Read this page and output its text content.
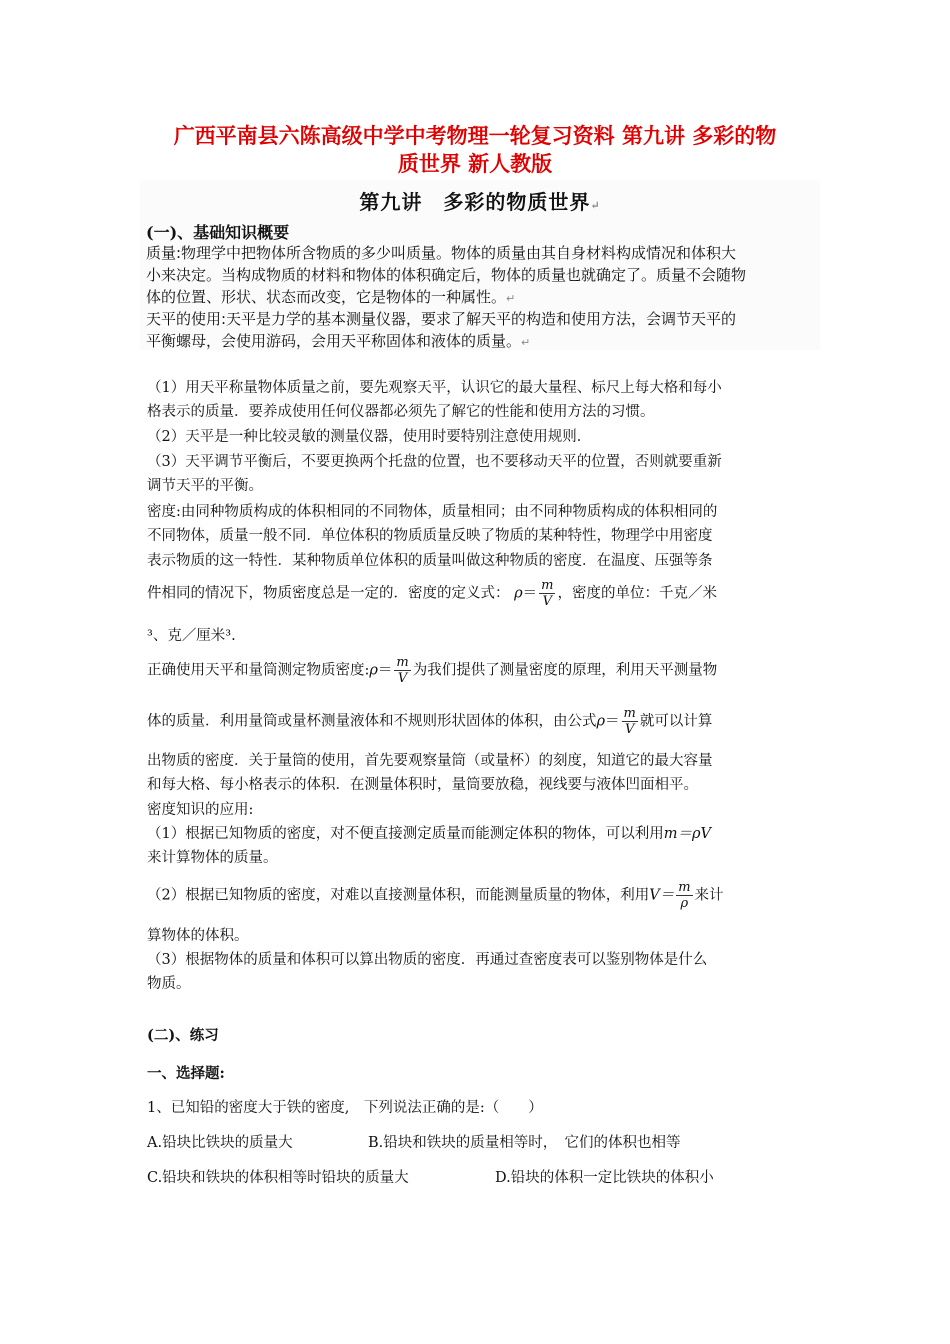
广西平南县六陈高级中学中考物理一轮复习资料 第九讲 多彩的物
质世界 新人教版
第九讲　多彩的物质世界↵
(一)、基础知识概要
质量:物理学中把物体所含物质的多少叫质量。物体的质量由其自身材料构成情况和体积大
小来决定。当构成物质的材料和物体的体积确定后，物体的质量也就确定了。质量不会随物
体的位置、形状、状态而改变，它是物体的一种属性。↵
天平的使用:天平是力学的基本测量仪器，要求了解天平的构造和使用方法，会调节天平的
平衡螺母，会使用游码，会用天平称固体和液体的质量。↵
（1）用天平称量物体质量之前，要先观察天平，认识它的最大量程、标尺上每大格和每小
格表示的质量．要养成使用任何仪器都必须先了解它的性能和使用方法的习惯。
（2）天平是一种比较灵敏的测量仪器，使用时要特别注意使用规则．
（3）天平调节平衡后，不要更换两个托盘的位置，也不要移动天平的位置，否则就要重新
调节天平的平衡。
密度:由同种物质构成的体积相同的不同物体，质量相同；由不同种物质构成的体积相同的
不同物体，质量一般不同．单位体积的物质质量反映了物质的某种特性，物理学中用密度
表示物质的这一特性．某种物质单位体积的质量叫做这种物质的密度．在温度、压强等条
件相同的情况下，物质密度总是一定的．密度的定义式： $\rho= \frac{m}{V}$ ，密度的单位：千克／米
³、克／厘米³.
正确使用天平和量筒测定物质密度:ρ＝ $\frac{m}{V}$ 为我们提供了测量密度的原理，利用天平测量物
体的质量．利用量筒或量杯测量液体和不规则形状固体的体积，由公式$\rho= \frac{m}{V}$ 就可以计算
出物质的密度．关于量筒的使用，首先要观察量筒（或量杯）的刻度，知道它的最大容量
和每大格、每小格表示的体积．在测量体积时，量筒要放稳，视线要与液体凹面相平。
密度知识的应用:
（1）根据已知物质的密度，对不便直接测定质量而能测定体积的物体，可以利用m＝ρV
来计算物体的质量。
（2）根据已知物质的密度，对难以直接测量体积，而能测量质量的物体，利用$V= \frac{m}{\rho}$ 来计
算物体的体积。
（3）根据物体的质量和体积可以算出物质的密度．再通过查密度表可以鉴别物体是什么
物质。
(二)、练习
一、选择题:
1、已知铅的密度大于铁的密度,　下列说法正确的是:（　　）
A.铅块比铁块的质量大	B.铅块和铁块的质量相等时，　它们的体积也相等
C.铅块和铁块的体积相等时铅块的质量大	D.铅块的体积一定比铁块的体积小
